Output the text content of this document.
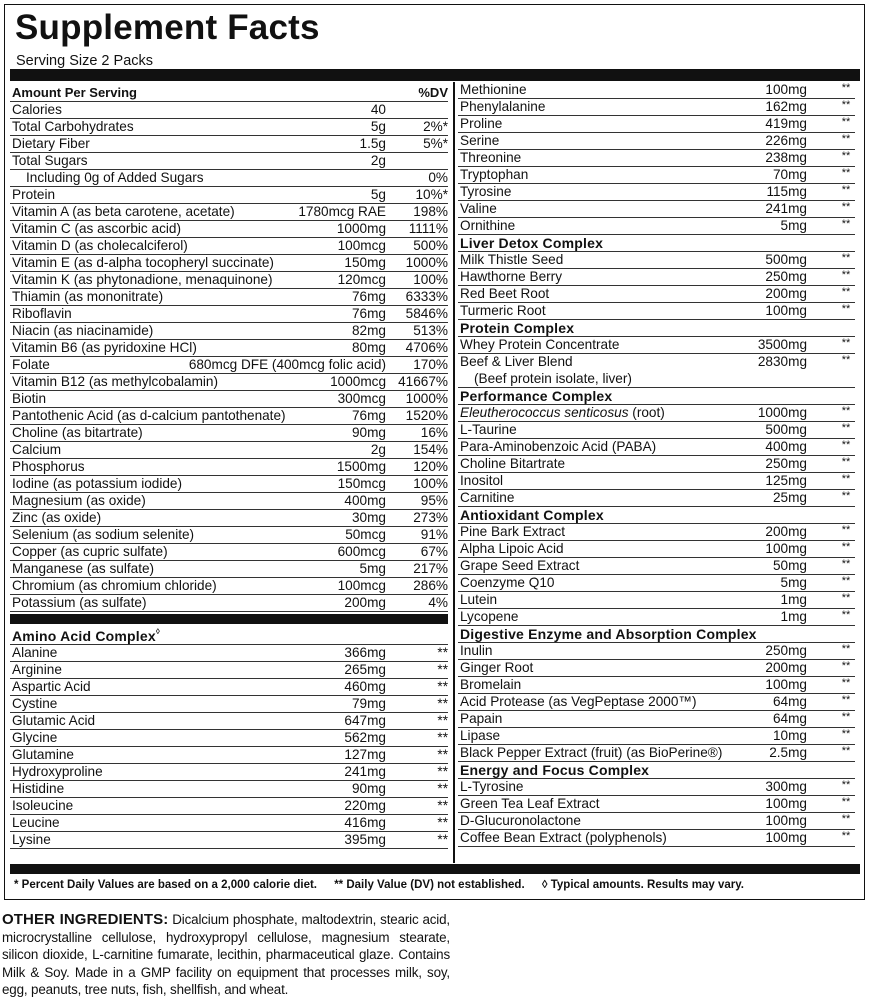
Supplement Facts
Serving Size 2 Packs
Amount Per Serving	%DV
Calories	40
Total Carbohydrates	5g	2%*
Dietary Fiber	1.5g	5%*
Total Sugars	2g
Including 0g of Added Sugars	0%
Protein	5g	10%*
Vitamin A (as beta carotene, acetate)	1780mcg RAE	198%
Vitamin C (as ascorbic acid)	1000mg	1111%
Vitamin D (as cholecalciferol)	100mcg	500%
Vitamin E (as d-alpha tocopheryl succinate)	150mg	1000%
Vitamin K (as phytonadione, menaquinone)	120mcg	100%
Thiamin (as mononitrate)	76mg	6333%
Riboflavin	76mg	5846%
Niacin (as niacinamide)	82mg	513%
Vitamin B6 (as pyridoxine HCl)	80mg	4706%
Folate	680mcg DFE (400mcg folic acid)	170%
Vitamin B12 (as methylcobalamin)	1000mcg 41667%
Biotin	300mcg	1000%
Pantothenic Acid (as d-calcium pantothenate)	76mg	1520%
Choline (as bitartrate)	90mg	16%
Calcium	2g	154%
Phosphorus	1500mg	120%
Iodine (as potassium iodide)	150mcg	100%
Magnesium (as oxide)	400mg	95%
Zinc (as oxide)	30mg	273%
Selenium (as sodium selenite)	50mcg	91%
Copper (as cupric sulfate)	600mcg	67%
Manganese (as sulfate)	5mg	217%
Chromium (as chromium chloride)	100mcg	286%
Potassium (as sulfate)	200mg	4%
Amino Acid Complex◊
Alanine	366mg	**
Arginine	265mg	**
Aspartic Acid	460mg	**
Cystine	79mg	**
Glutamic Acid	647mg	**
Glycine	562mg	**
Glutamine	127mg	**
Hydroxyproline	241mg	**
Histidine	90mg	**
Isoleucine	220mg	**
Leucine	416mg	**
Lysine	395mg	**
Methionine	100mg	**
Phenylalanine	162mg	**
Proline	419mg	**
Serine	226mg	**
Threonine	238mg	**
Tryptophan	70mg	**
Tyrosine	115mg	**
Valine	241mg	**
Ornithine	5mg	**
Liver Detox Complex
Milk Thistle Seed	500mg	**
Hawthorne Berry	250mg	**
Red Beet Root	200mg	**
Turmeric Root	100mg	**
Protein Complex
Whey Protein Concentrate	3500mg	**
Beef & Liver Blend	2830mg	**
(Beef protein isolate, liver)
Performance Complex
Eleutherococcus senticosus (root)	1000mg	**
L-Taurine	500mg	**
Para-Aminobenzoic Acid (PABA)	400mg	**
Choline Bitartrate	250mg	**
Inositol	125mg	**
Carnitine	25mg	**
Antioxidant Complex
Pine Bark Extract	200mg	**
Alpha Lipoic Acid	100mg	**
Grape Seed Extract	50mg	**
Coenzyme Q10	5mg	**
Lutein	1mg	**
Lycopene	1mg	**
Digestive Enzyme and Absorption Complex
Inulin	250mg	**
Ginger Root	200mg	**
Bromelain	100mg	**
Acid Protease (as VegPeptase 2000™)	64mg	**
Papain	64mg	**
Lipase	10mg	**
Black Pepper Extract (fruit) (as BioPerine®)	2.5mg	**
Energy and Focus Complex
L-Tyrosine	300mg	**
Green Tea Leaf Extract	100mg	**
D-Glucuronolactone	100mg	**
Coffee Bean Extract (polyphenols)	100mg	**
* Percent Daily Values are based on a 2,000 calorie diet. ** Daily Value (DV) not established. ◊ Typical amounts. Results may vary.
OTHER INGREDIENTS: Dicalcium phosphate, maltodextrin, stearic acid, microcrystalline cellulose, hydroxypropyl cellulose, magnesium stearate, silicon dioxide, L-carnitine fumarate, lecithin, pharmaceutical glaze. Contains Milk & Soy. Made in a GMP facility on equipment that processes milk, soy, egg, peanuts, tree nuts, fish, shellfish, and wheat.
